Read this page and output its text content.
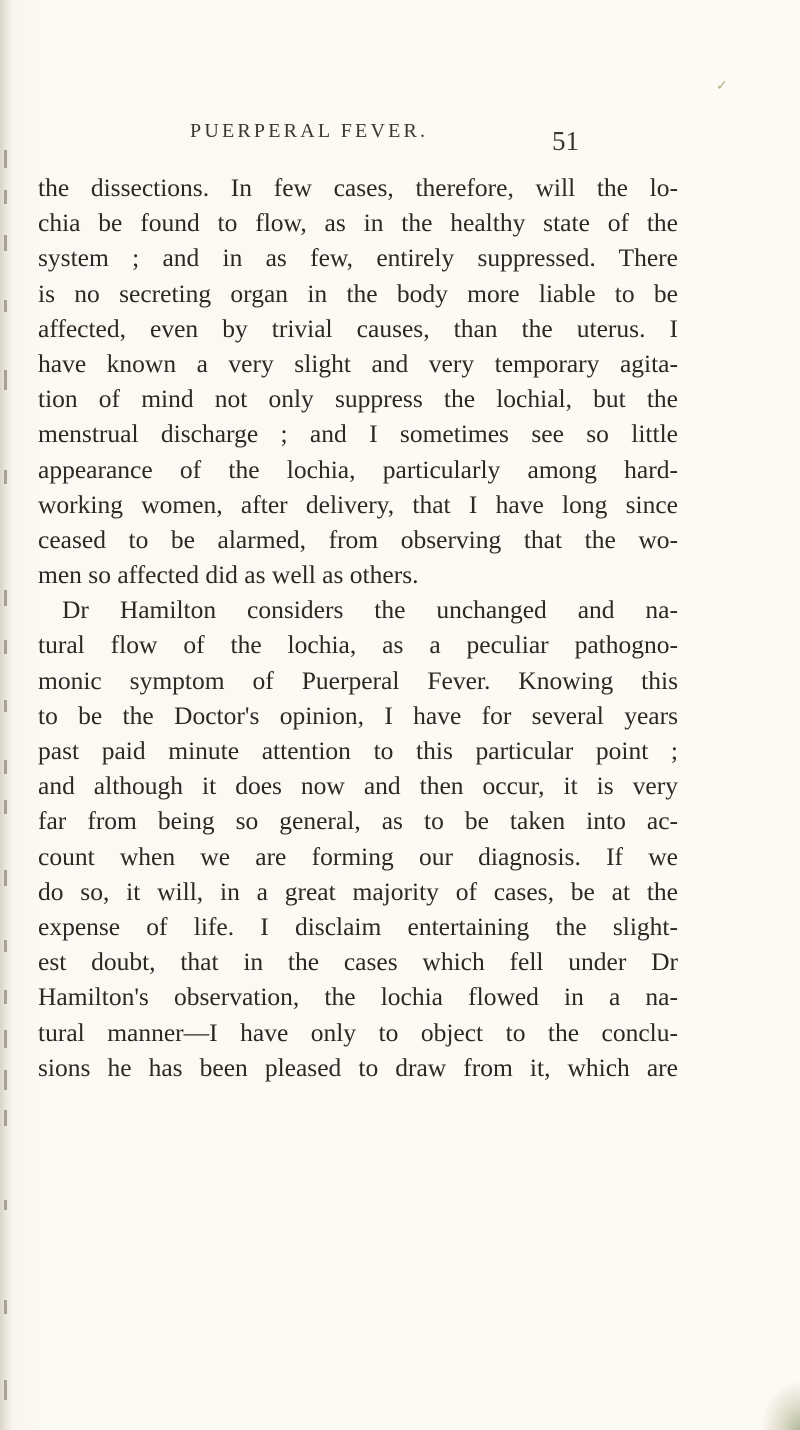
✓
PUERPERAL FEVER.	51
the dissections. In few cases, therefore, will the lo-
chia be found to flow, as in the healthy state of the
system ; and in as few, entirely suppressed. There
is no secreting organ in the body more liable to be
affected, even by trivial causes, than the uterus. I
have known a very slight and very temporary agita-
tion of mind not only suppress the lochial, but the
menstrual discharge ; and I sometimes see so little
appearance of the lochia, particularly among hard-
working women, after delivery, that I have long since
ceased to be alarmed, from observing that the wo-
men so affected did as well as others.
Dr Hamilton considers the unchanged and na-
tural flow of the lochia, as a peculiar pathogno-
monic symptom of Puerperal Fever. Knowing this
to be the Doctor's opinion, I have for several years
past paid minute attention to this particular point ;
and although it does now and then occur, it is very
far from being so general, as to be taken into ac-
count when we are forming our diagnosis. If we
do so, it will, in a great majority of cases, be at the
expense of life. I disclaim entertaining the slight-
est doubt, that in the cases which fell under Dr
Hamilton's observation, the lochia flowed in a na-
tural manner—I have only to object to the conclu-
sions he has been pleased to draw from it, which are
